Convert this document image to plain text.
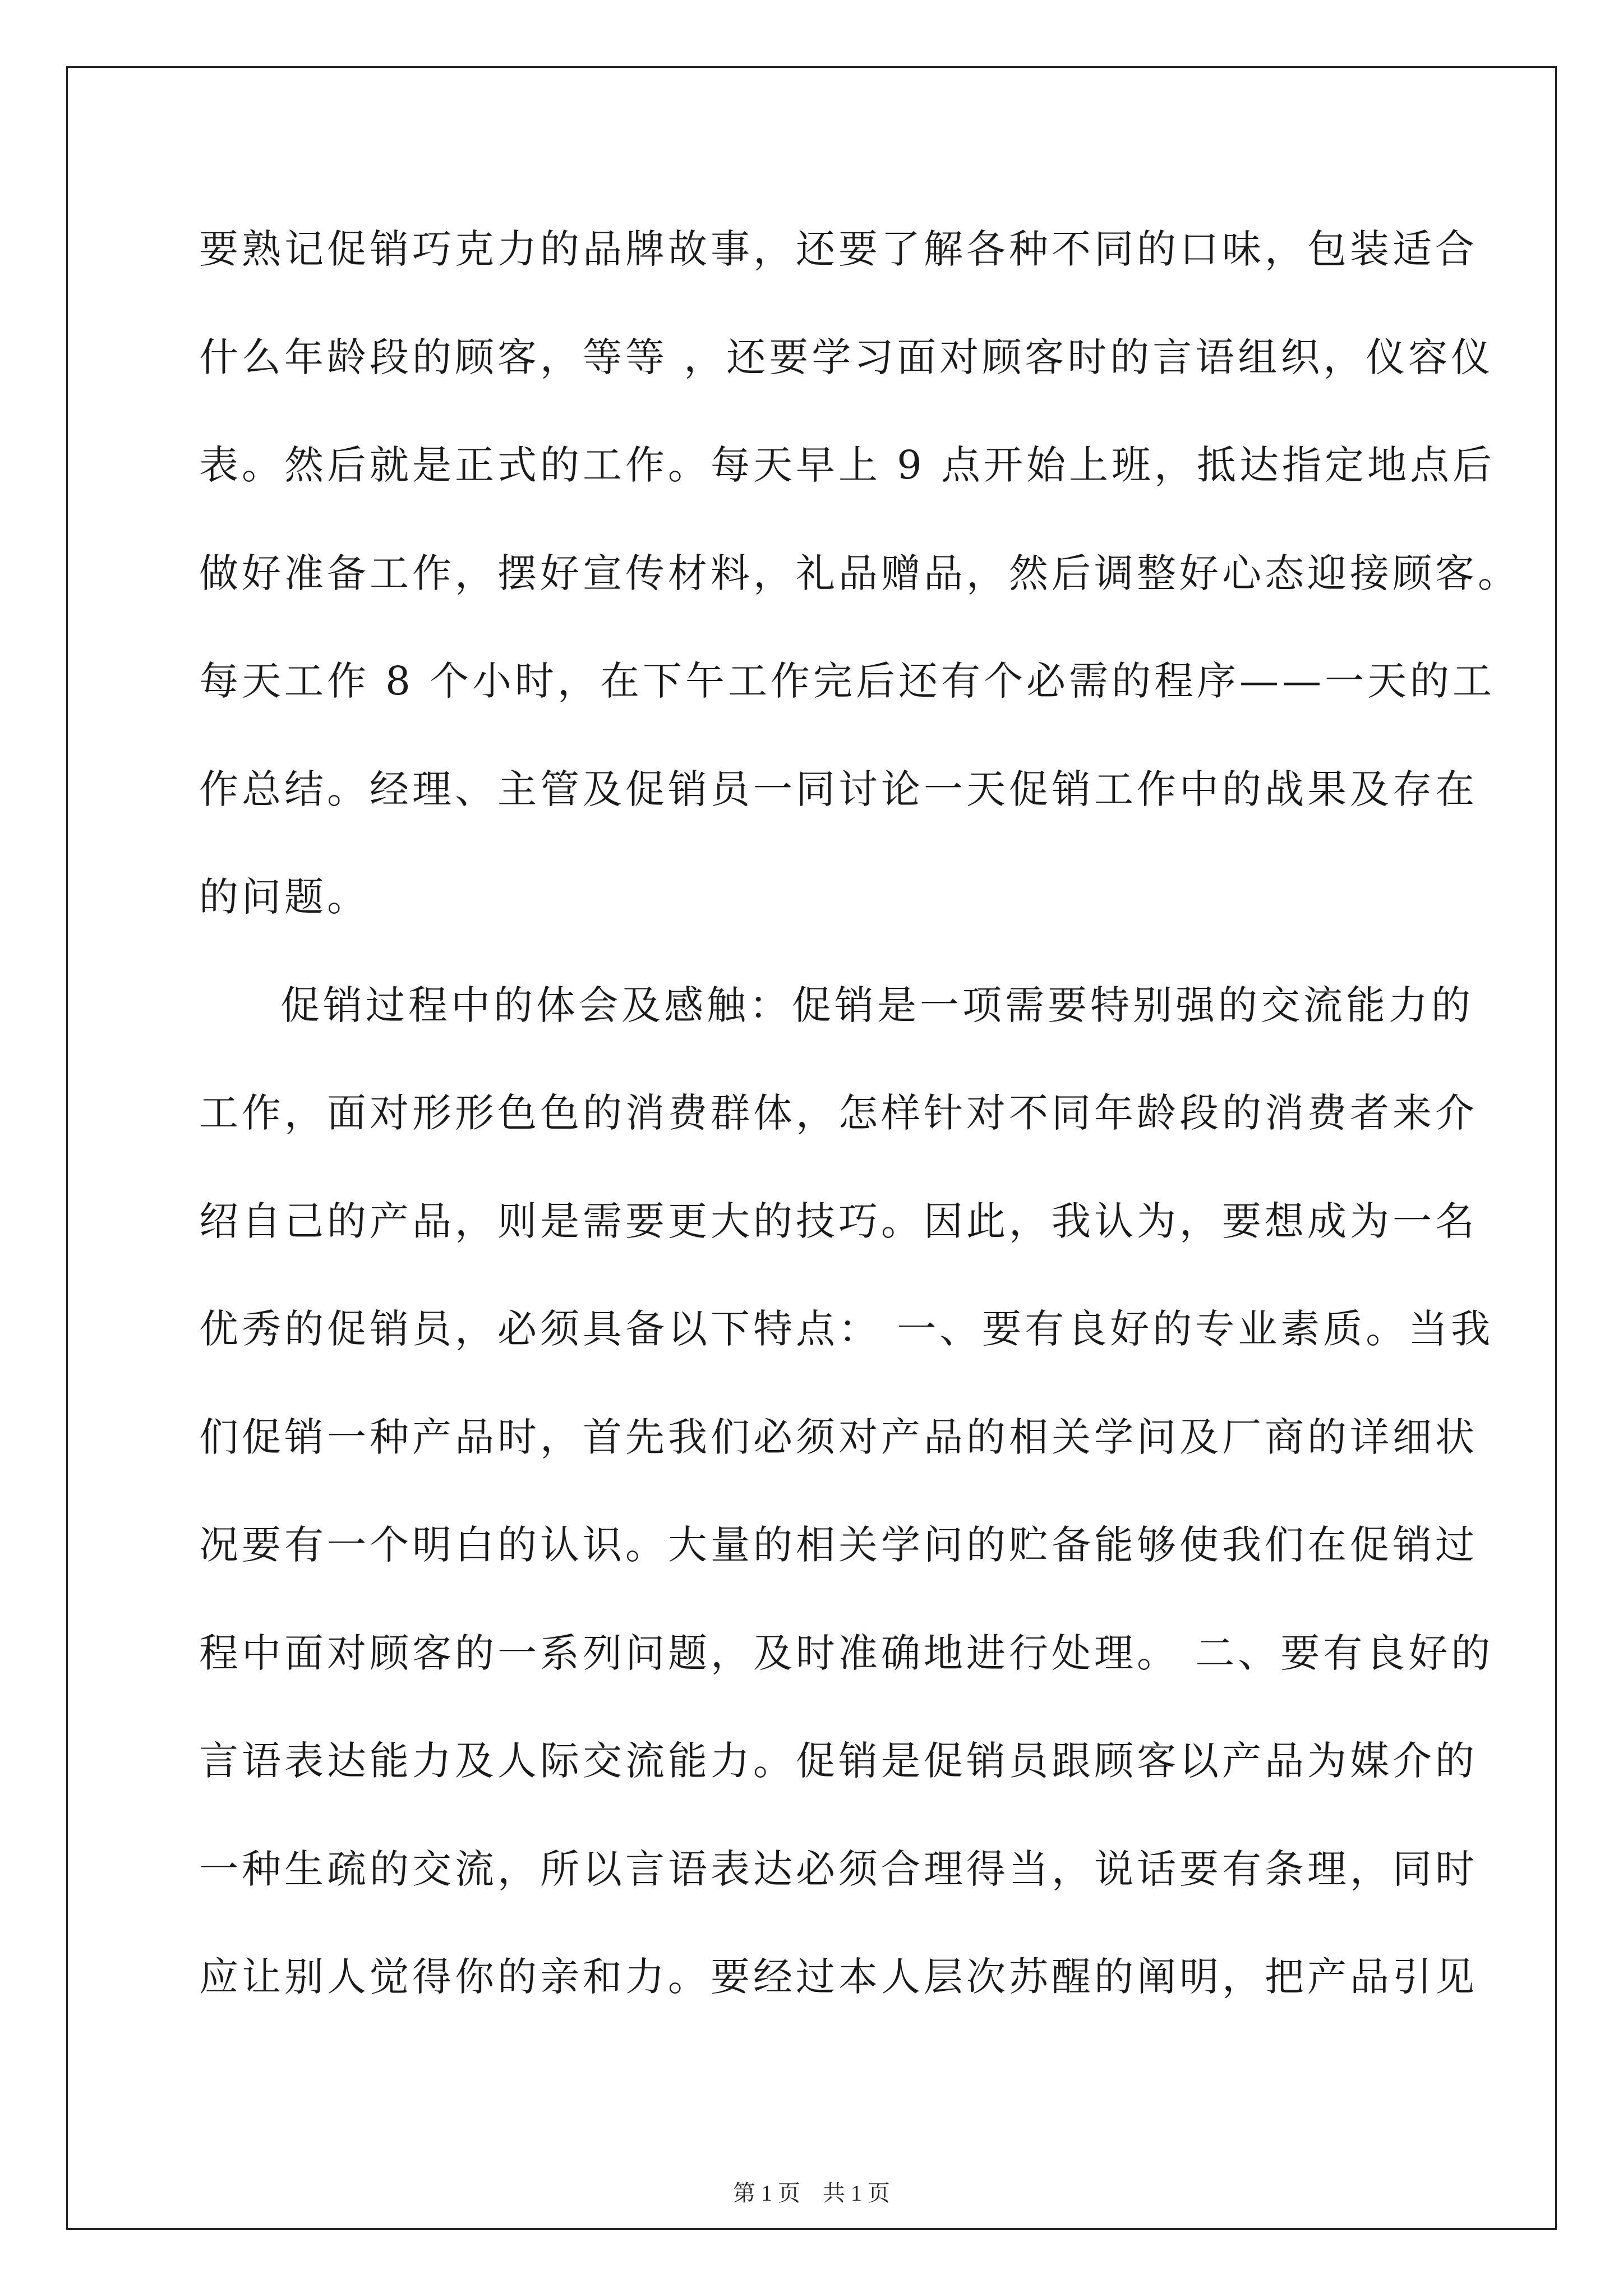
要熟记促销巧克力的品牌故事，还要了解各种不同的口味，包装适合
什么年龄段的顾客，等等 ，还要学习面对顾客时的言语组织，仪容仪
表。然后就是正式的工作。每天早上 9 点开始上班，抵达指定地点后
做好准备工作，摆好宣传材料，礼品赠品，然后调整好心态迎接顾客。
每天工作 8 个小时，在下午工作完后还有个必需的程序——一天的工
作总结。经理、主管及促销员一同讨论一天促销工作中的战果及存在
的问题。
促销过程中的体会及感触：促销是一项需要特别强的交流能力的
工作，面对形形色色的消费群体，怎样针对不同年龄段的消费者来介
绍自己的产品，则是需要更大的技巧。因此，我认为，要想成为一名
优秀的促销员，必须具备以下特点： 一、要有良好的专业素质。当我
们促销一种产品时，首先我们必须对产品的相关学问及厂商的详细状
况要有一个明白的认识。大量的相关学问的贮备能够使我们在促销过
程中面对顾客的一系列问题，及时准确地进行处理。 二、要有良好的
言语表达能力及人际交流能力。促销是促销员跟顾客以产品为媒介的
一种生疏的交流，所以言语表达必须合理得当，说话要有条理，同时
应让别人觉得你的亲和力。要经过本人层次苏醒的阐明，把产品引见
第 1 页    共 1 页
